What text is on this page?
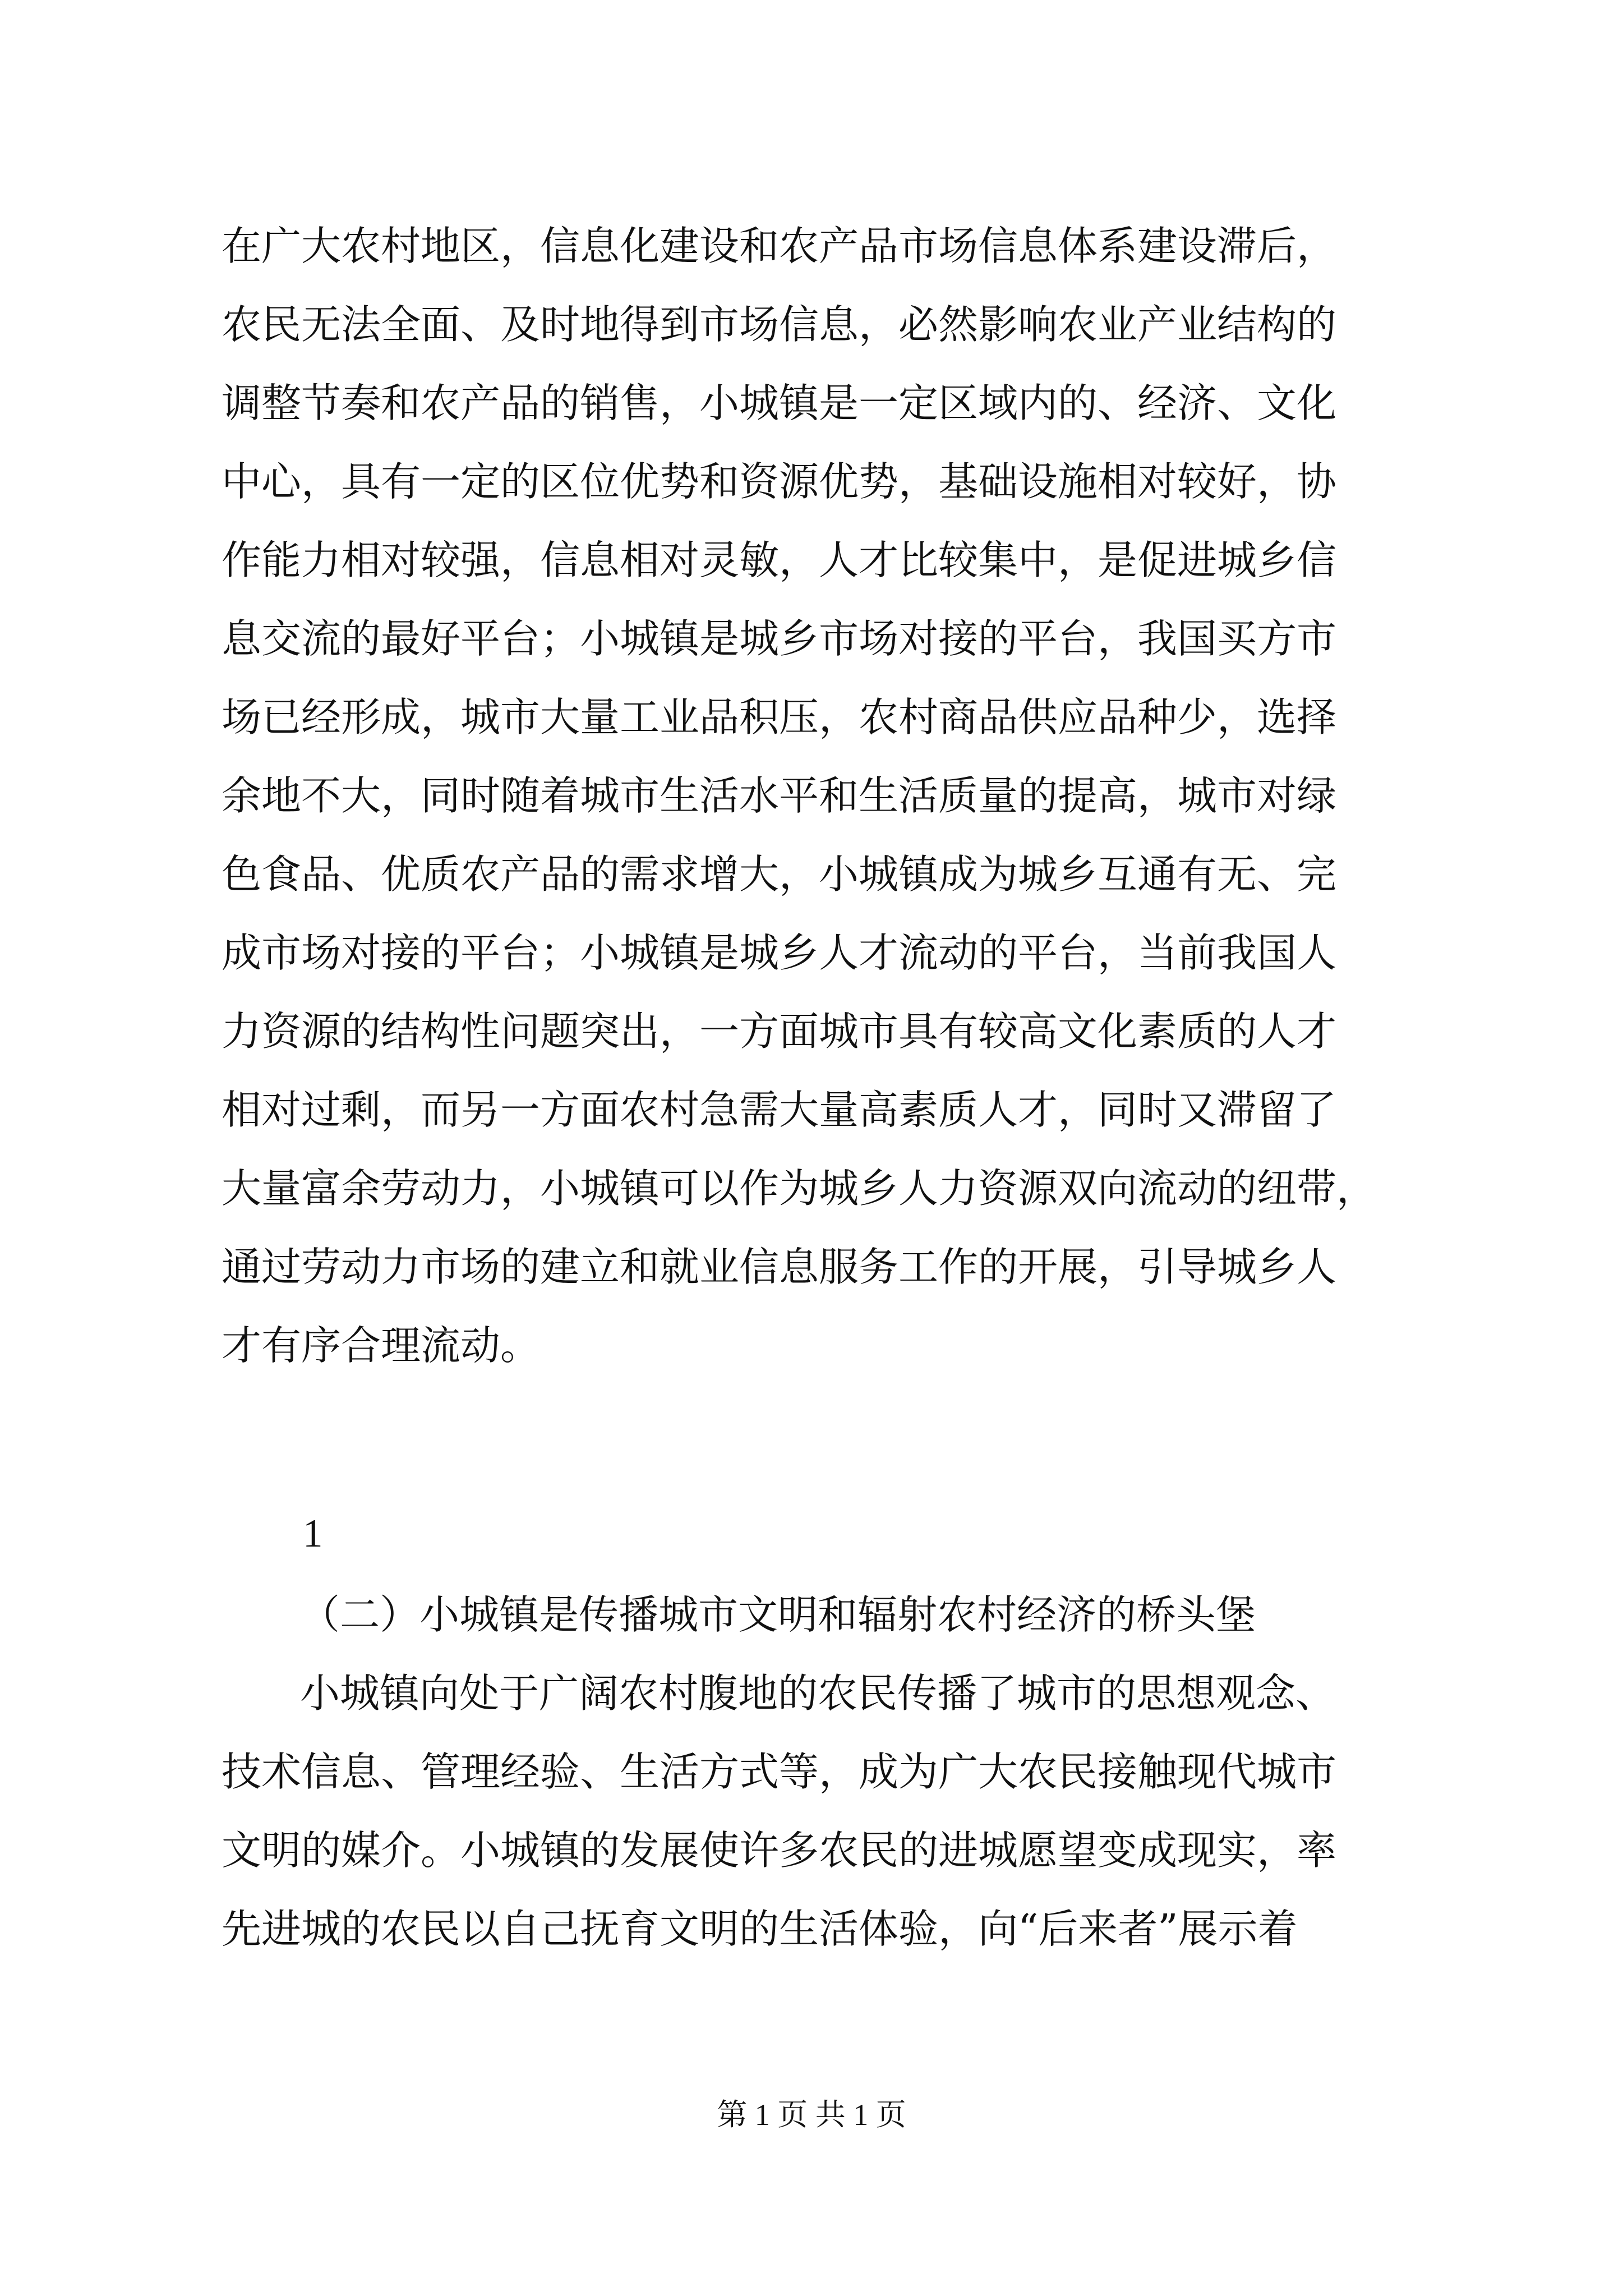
在广大农村地区，信息化建设和农产品市场信息体系建设滞后，
农民无法全面、及时地得到市场信息，必然影响农业产业结构的
调整节奏和农产品的销售，小城镇是一定区域内的、经济、文化
中心，具有一定的区位优势和资源优势，基础设施相对较好，协
作能力相对较强，信息相对灵敏，人才比较集中，是促进城乡信
息交流的最好平台；小城镇是城乡市场对接的平台，我国买方市
场已经形成，城市大量工业品积压，农村商品供应品种少，选择
余地不大，同时随着城市生活水平和生活质量的提高，城市对绿
色食品、优质农产品的需求增大，小城镇成为城乡互通有无、完
成市场对接的平台；小城镇是城乡人才流动的平台，当前我国人
力资源的结构性问题突出，一方面城市具有较高文化素质的人才
相对过剩，而另一方面农村急需大量高素质人才，同时又滞留了
大量富余劳动力，小城镇可以作为城乡人力资源双向流动的纽带，
通过劳动力市场的建立和就业信息服务工作的开展，引导城乡人
才有序合理流动。
1
（二）小城镇是传播城市文明和辐射农村经济的桥头堡
小城镇向处于广阔农村腹地的农民传播了城市的思想观念、
技术信息、管理经验、生活方式等，成为广大农民接触现代城市
文明的媒介。小城镇的发展使许多农民的进城愿望变成现实，率
先进城的农民以自己抚育文明的生活体验，向“后来者”展示着
第 1 页 共 1 页
